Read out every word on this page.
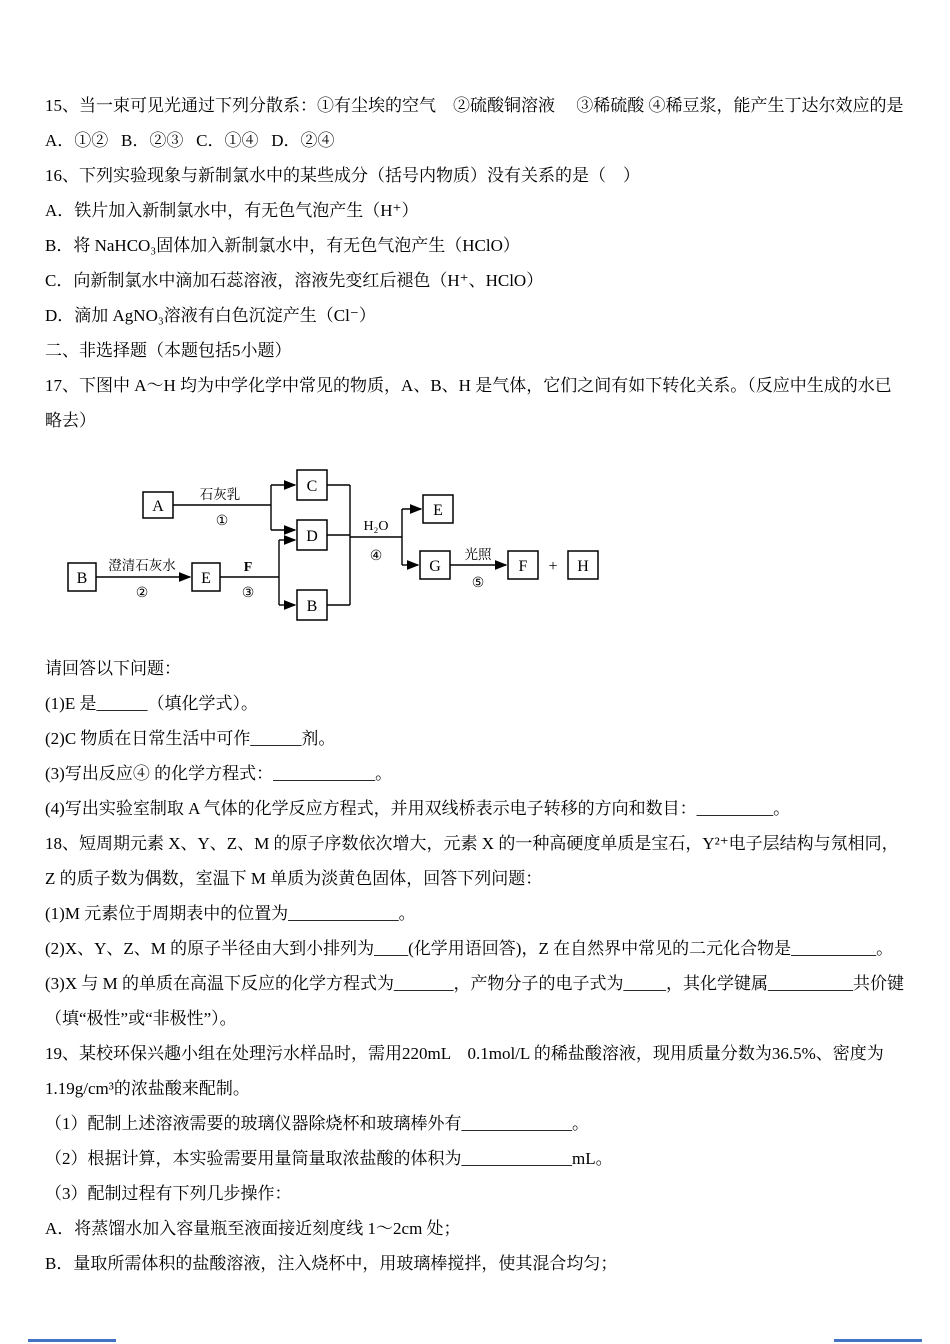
15、当一束可见光通过下列分散系：①有尘埃的空气　②硫酸铜溶液　 ③稀硫酸 ④稀豆浆，能产生丁达尔效应的是

A．①②   B．②③   C．①④   D．②④

16、下列实验现象与新制氯水中的某些成分（括号内物质）没有关系的是（　）

A．铁片加入新制氯水中，有无色气泡产生（H⁺）

B．将 NaHCO₃固体加入新制氯水中，有无色气泡产生（HClO）

C．向新制氯水中滴加石蕊溶液，溶液先变红后褪色（H⁺、HClO）

D．滴加 AgNO₃溶液有白色沉淀产生（Cl⁻）

二、非选择题（本题包括5小题）

17、下图中 A～H 均为中学化学中常见的物质，A、B、H 是气体，它们之间有如下转化关系。（反应中生成的水已略去）

A
C
D
B	E
B
E
G	F	H
石灰乳
①
澄清石灰水
②
F
③
H₂O
④	光照
⑤
+

请回答以下问题：

(1)E 是______（填化学式）。

(2)C 物质在日常生活中可作______剂。

(3)写出反应④ 的化学方程式：____________。

(4)写出实验室制取 A 气体的化学反应方程式，并用双线桥表示电子转移的方向和数目：_________。

18、短周期元素 X、Y、Z、M 的原子序数依次增大，元素 X 的一种高硬度单质是宝石，Y²⁺电子层结构与氖相同，Z 的质子数为偶数，室温下 M 单质为淡黄色固体，回答下列问题：

(1)M 元素位于周期表中的位置为_____________。

(2)X、Y、Z、M 的原子半径由大到小排列为____(化学用语回答)，Z 在自然界中常见的二元化合物是__________。

(3)X 与 M 的单质在高温下反应的化学方程式为_______，产物分子的电子式为_____，其化学键属__________共价键（填“极性”或“非极性”）。

19、某校环保兴趣小组在处理污水样品时，需用220mL　0.1mol/L 的稀盐酸溶液，现用质量分数为36.5%、密度为1.19g/cm³的浓盐酸来配制。

（1）配制上述溶液需要的玻璃仪器除烧杯和玻璃棒外有_____________。

（2）根据计算，本实验需要用量筒量取浓盐酸的体积为_____________mL。

（3）配制过程有下列几步操作：

A．将蒸馏水加入容量瓶至液面接近刻度线 1～2cm 处；

B．量取所需体积的盐酸溶液，注入烧杯中，用玻璃棒搅拌，使其混合均匀；
